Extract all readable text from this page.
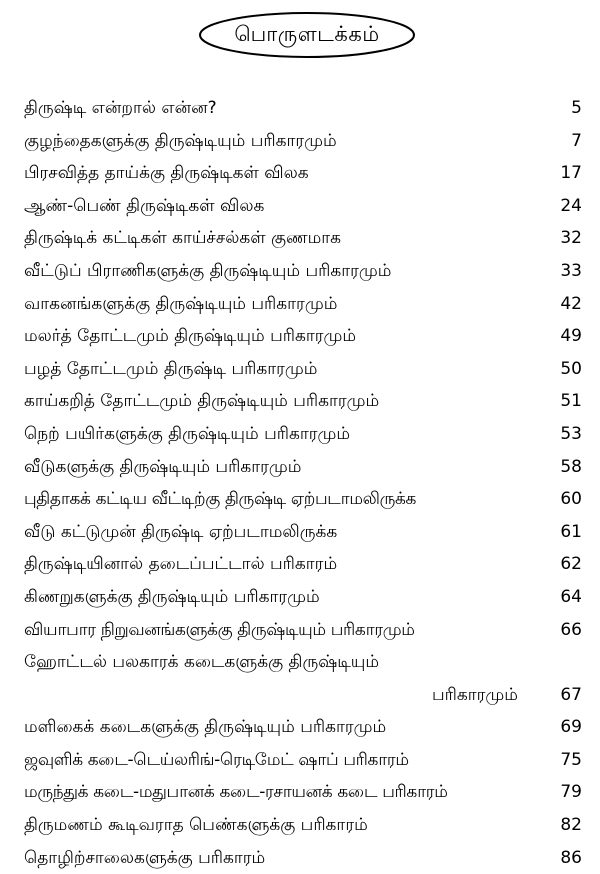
பொருளடக்கம்
திருஷ்டி என்றால் என்ன?	5
குழந்தைகளுக்கு திருஷ்டியும் பரிகாரமும்	7
பிரசவித்த தாய்க்கு திருஷ்டிகள் விலக	17
ஆண்-பெண் திருஷ்டிகள் விலக	24
திருஷ்டிக் கட்டிகள் காய்ச்சல்கள் குணமாக	32
வீட்டுப் பிராணிகளுக்கு திருஷ்டியும் பரிகாரமும்	33
வாகனங்களுக்கு திருஷ்டியும் பரிகாரமும்	42
மலர்த் தோட்டமும் திருஷ்டியும் பரிகாரமும்	49
பழத் தோட்டமும் திருஷ்டி பரிகாரமும்	50
காய்கறித் தோட்டமும் திருஷ்டியும் பரிகாரமும்	51
நெற் பயிர்களுக்கு திருஷ்டியும் பரிகாரமும்	53
வீடுகளுக்கு திருஷ்டியும் பரிகாரமும்	58
புதிதாகக் கட்டிய வீட்டிற்கு திருஷ்டி ஏற்படாமலிருக்க	60
வீடு கட்டுமுன் திருஷ்டி ஏற்படாமலிருக்க	61
திருஷ்டியினால் தடைப்பட்டால் பரிகாரம்	62
கிணறுகளுக்கு திருஷ்டியும் பரிகாரமும்	64
வியாபார நிறுவனங்களுக்கு திருஷ்டியும் பரிகாரமும்	66
ஹோட்டல் பலகாரக் கடைகளுக்கு திருஷ்டியும்
பரிகாரமும் 67
மளிகைக் கடைகளுக்கு திருஷ்டியும் பரிகாரமும்	69
ஜவுளிக் கடை-டெய்லரிங்-ரெடிமேட் ஷாப் பரிகாரம்	75
மருந்துக் கடை-மதுபானக் கடை-ரசாயனக் கடை பரிகாரம்	79
திருமணம் கூடிவராத பெண்களுக்கு பரிகாரம்	82
தொழிற்சாலைகளுக்கு பரிகாரம்	86
